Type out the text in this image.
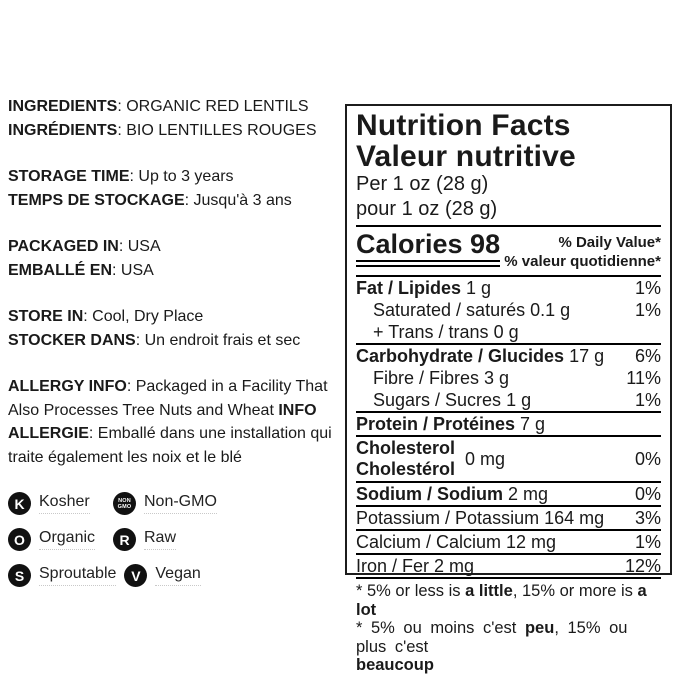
INGREDIENTS: ORGANIC RED LENTILS
INGRÉDIENTS: BIO LENTILLES ROUGES

STORAGE TIME: Up to 3 years
TEMPS DE STOCKAGE: Jusqu'à 3 ans

PACKAGED IN: USA
EMBALLÉ EN: USA

STORE IN: Cool, Dry Place
STOCKER DANS: Un endroit frais et sec

ALLERGY INFO: Packaged in a Facility That Also Processes Tree Nuts and Wheat INFO ALLERGIE: Emballé dans une installation qui traite également les noix et le blé

K Kosher	NON
GMO Non-GMO
O Organic	R Raw
S Sproutable	V Vegan
Nutrition Facts
Valeur nutritive
Per 1 oz (28 g)
pour 1 oz (28 g)
Calories 98	% Daily Value*
% valeur quotidienne*
Fat / Lipides 1 g	1%
Saturated / saturés 0.1 g	1%
+ Trans / trans 0 g
Carbohydrate / Glucides 17 g 6%
Fibre / Fibres 3 g	11%
Sugars / Sucres 1 g	1%
Protein / Protéines 7 g
Cholesterol
Cholestérol 0 mg	0%
Sodium / Sodium 2 mg	0%
Potassium / Potassium 164 mg 3%
Calcium / Calcium 12 mg	1%
Iron / Fer 2 mg	12%
* 5% or less is a little, 15% or more is a lot
* 5% ou moins c'est peu, 15% ou plus c'est
beaucoup
